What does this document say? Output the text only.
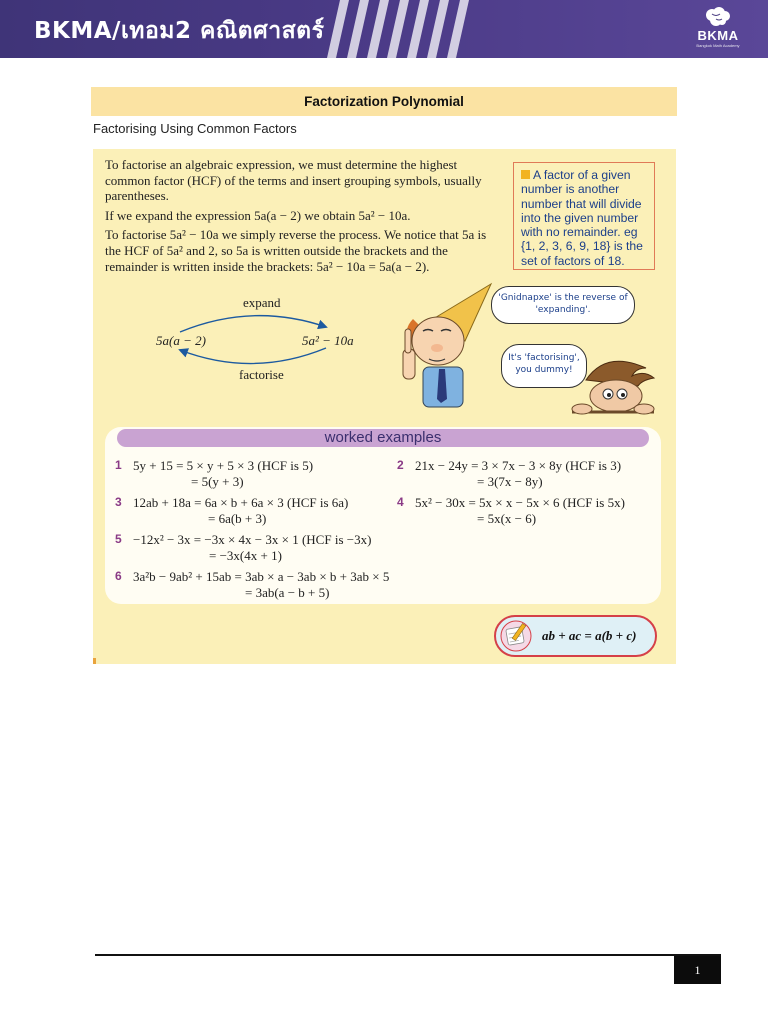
BKMA/เทอม2 คณิตศาสตร์	BKMA
Bangkok Math Academy
Factorization Polynomial
Factorising Using Common Factors

To factorise an algebraic expression, we must determine the highest common factor (HCF) of the terms and insert grouping symbols, usually parentheses.

If we expand the expression 5a(a − 2) we obtain 5a² − 10a.

To factorise 5a² − 10a we simply reverse the process. We notice that 5a is the HCF of 5a² and 2, so 5a is written outside the brackets and the remainder is written inside the brackets: 5a² − 10a = 5a(a − 2).

A factor of a given number is another number that will divide into the given number with no remainder. eg {1, 2, 3, 6, 9, 18} is the set of factors of 18.
expand
5a(a − 2)	5a² − 10a
factorise
'Gnidnapxe' is the reverse of 'expanding'.
It's 'factorising', you dummy!
worked examples
1 5y + 15 = 5 × y + 5 × 3 (HCF is 5)
= 5(y + 3)
2 21x − 24y = 3 × 7x − 3 × 8y (HCF is 3)
= 3(7x − 8y)
3 12ab + 18a = 6a × b + 6a × 3 (HCF is 6a)
= 6a(b + 3)
4 5x² − 30x = 5x × x − 5x × 6 (HCF is 5x)
= 5x(x − 6)
5 −12x² − 3x = −3x × 4x − 3x × 1 (HCF is −3x)
= −3x(4x + 1)
6 3a²b − 9ab² + 15ab = 3ab × a − 3ab × b + 3ab × 5
= 3ab(a − b + 5)
ab + ac = a(b + c)
1
